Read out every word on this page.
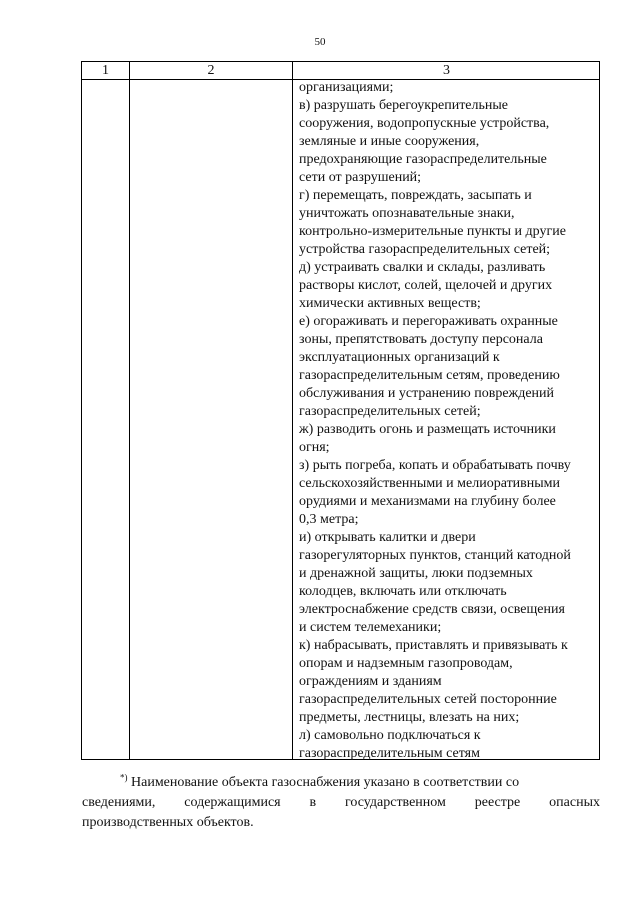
50
1	2	3
организациями;
в) разрушать берегоукрепительные
сооружения, водопропускные устройства,
земляные и иные сооружения,
предохраняющие газораспределительные
сети от разрушений;
г) перемещать, повреждать, засыпать и
уничтожать опознавательные знаки,
контрольно-измерительные пункты и другие
устройства газораспределительных сетей;
д) устраивать свалки и склады, разливать
растворы кислот, солей, щелочей и других
химически активных веществ;
е) огораживать и перегораживать охранные
зоны, препятствовать доступу персонала
эксплуатационных организаций к
газораспределительным сетям, проведению
обслуживания и устранению повреждений
газораспределительных сетей;
ж) разводить огонь и размещать источники
огня;
з) рыть погреба, копать и обрабатывать почву
сельскохозяйственными и мелиоративными
орудиями и механизмами на глубину более
0,3 метра;
и) открывать калитки и двери
газорегуляторных пунктов, станций катодной
и дренажной защиты, люки подземных
колодцев, включать или отключать
электроснабжение средств связи, освещения
и систем телемеханики;
к) набрасывать, приставлять и привязывать к
опорам и надземным газопроводам,
ограждениям и зданиям
газораспределительных сетей посторонние
предметы, лестницы, влезать на них;
л) самовольно подключаться к
газораспределительным сетям
*) Наименование объекта газоснабжения указано в соответствии со
сведениями, содержащимися в государственном реестре опасных
производственных объектов.
